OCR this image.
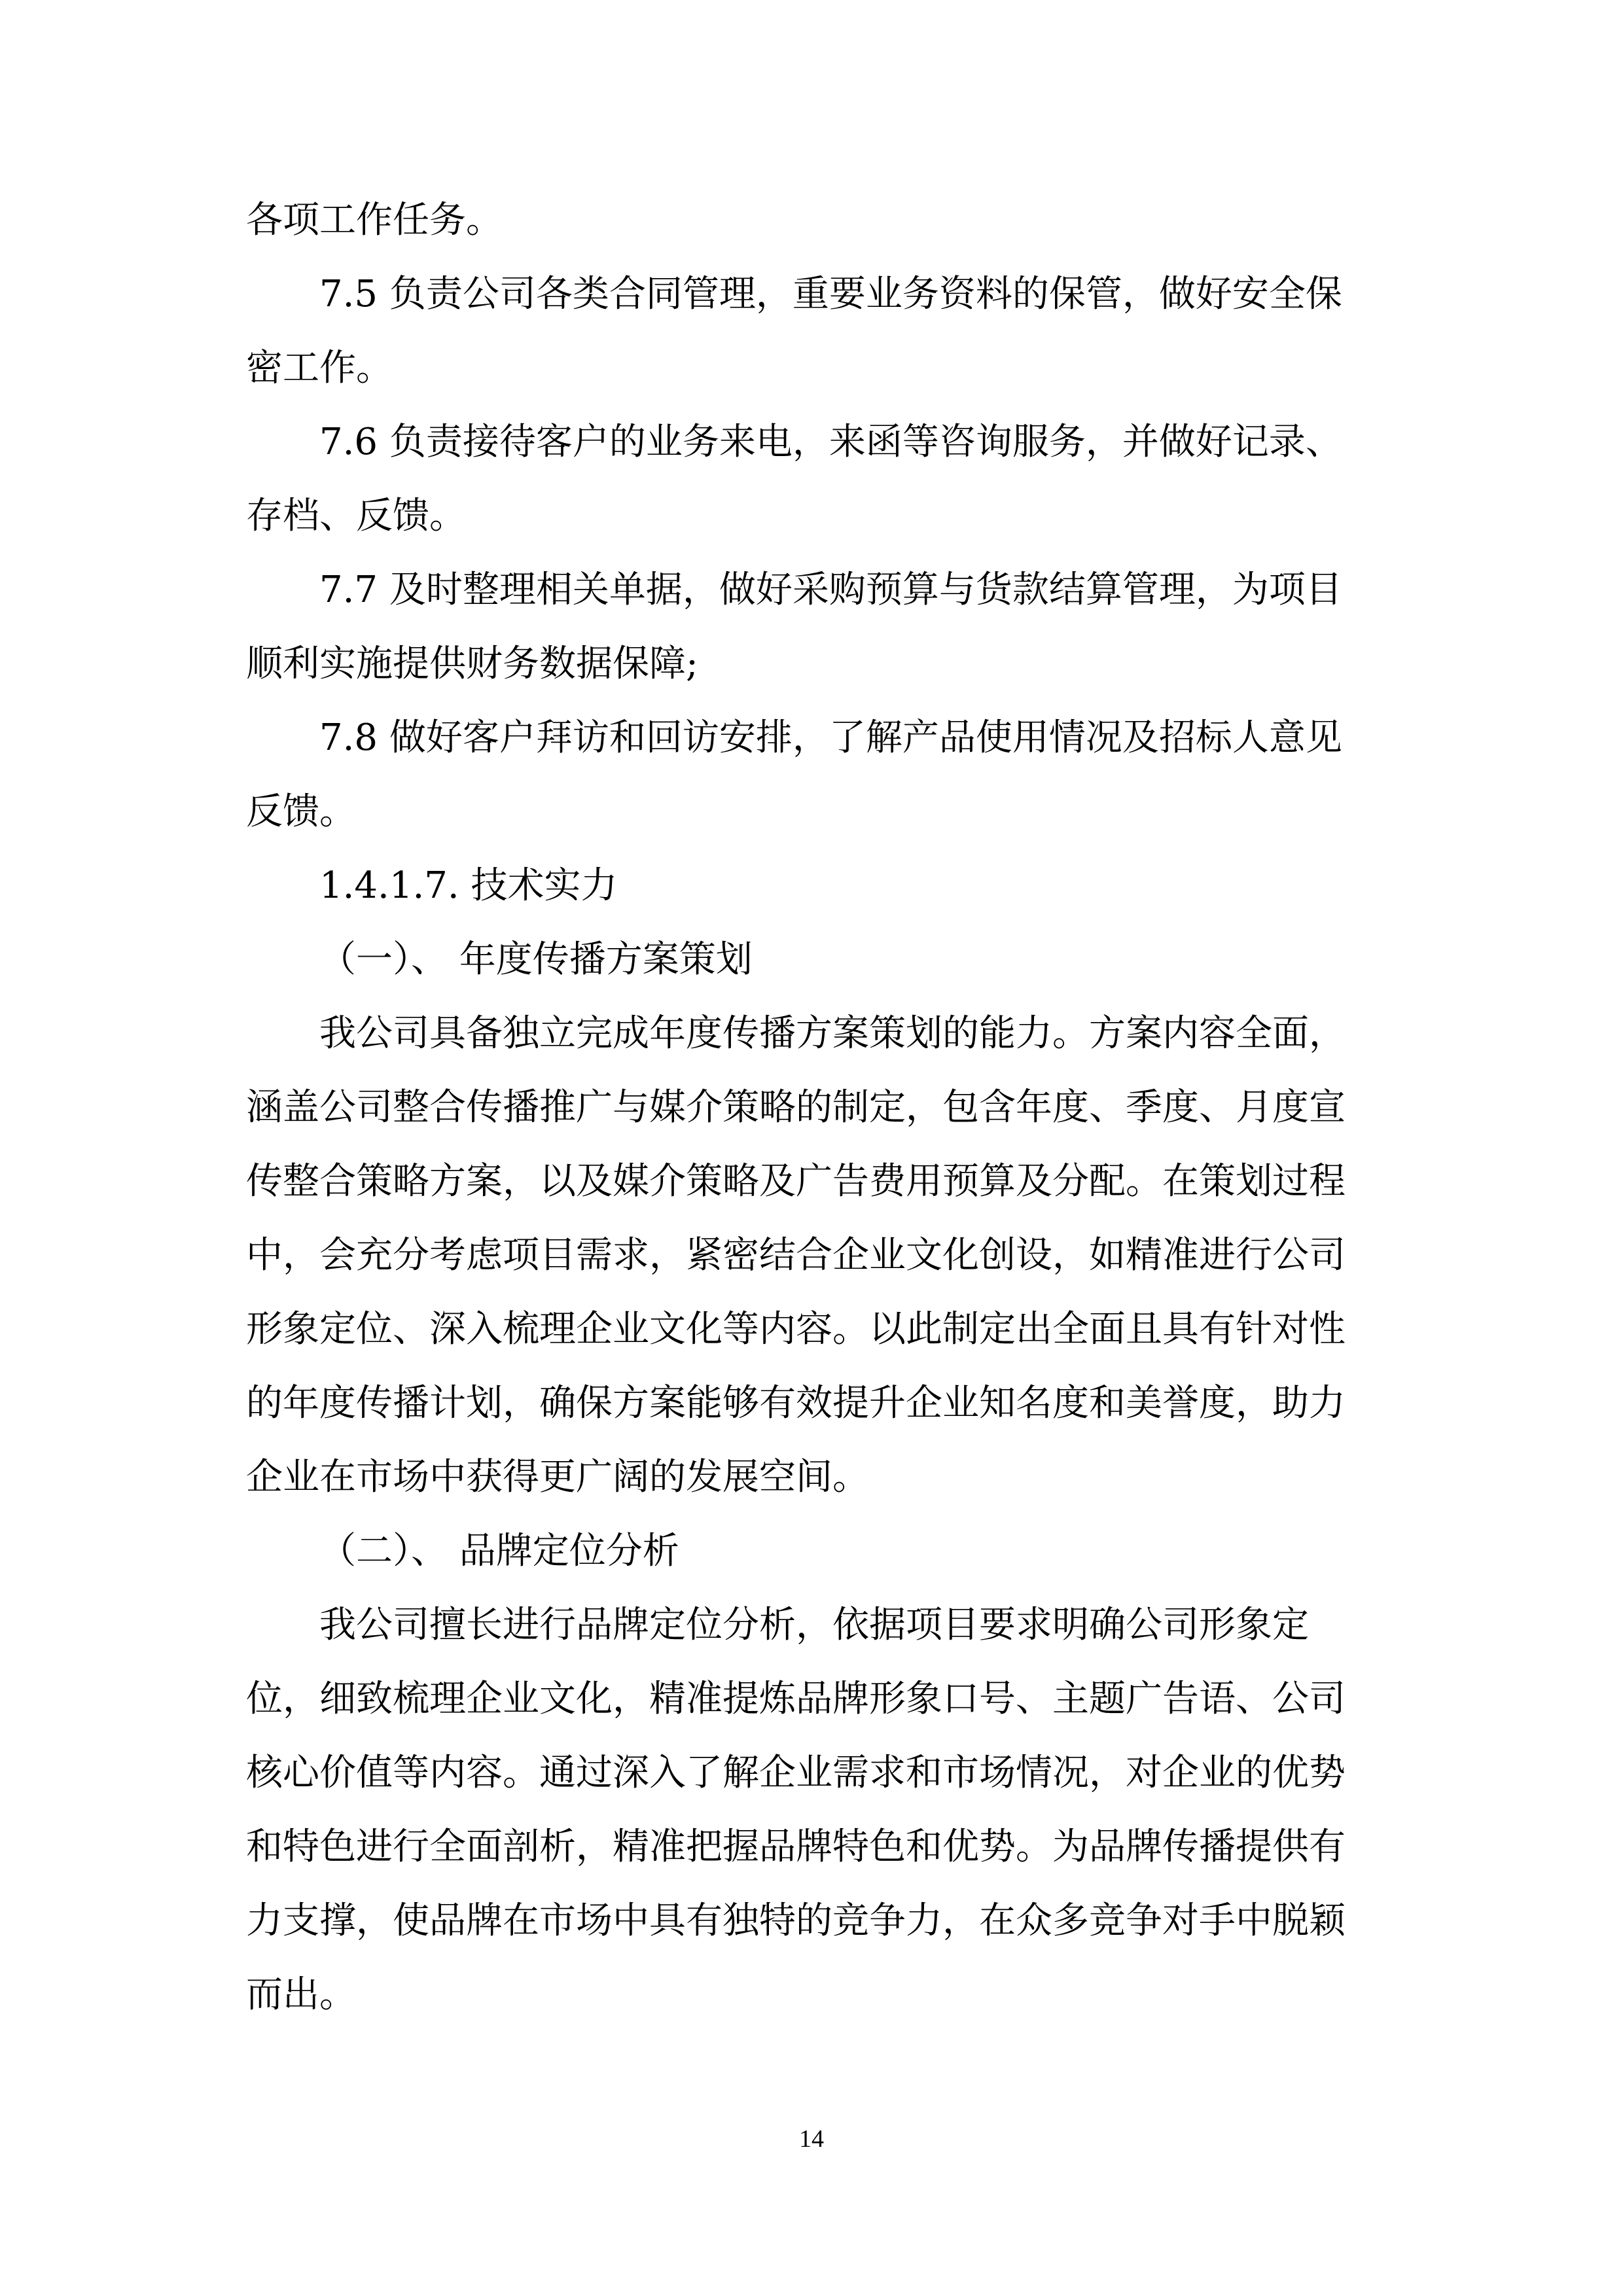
各项工作任务。
7.5 负责公司各类合同管理，重要业务资料的保管，做好安全保
密工作。
7.6 负责接待客户的业务来电，来函等咨询服务，并做好记录、
存档、反馈。
7.7 及时整理相关单据，做好采购预算与货款结算管理，为项目
顺利实施提供财务数据保障;
7.8 做好客户拜访和回访安排，了解产品使用情况及招标人意见
反馈。
1.4.1.7. 技术实力
（一）、 年度传播方案策划
我公司具备独立完成年度传播方案策划的能力。方案内容全面，
涵盖公司整合传播推广与媒介策略的制定，包含年度、季度、月度宣
传整合策略方案，以及媒介策略及广告费用预算及分配。在策划过程
中，会充分考虑项目需求，紧密结合企业文化创设，如精准进行公司
形象定位、深入梳理企业文化等内容。以此制定出全面且具有针对性
的年度传播计划，确保方案能够有效提升企业知名度和美誉度，助力
企业在市场中获得更广阔的发展空间。
（二）、 品牌定位分析
我公司擅长进行品牌定位分析，依据项目要求明确公司形象定
位，细致梳理企业文化，精准提炼品牌形象口号、主题广告语、公司
核心价值等内容。通过深入了解企业需求和市场情况，对企业的优势
和特色进行全面剖析，精准把握品牌特色和优势。为品牌传播提供有
力支撑，使品牌在市场中具有独特的竞争力，在众多竞争对手中脱颖
而出。
14
